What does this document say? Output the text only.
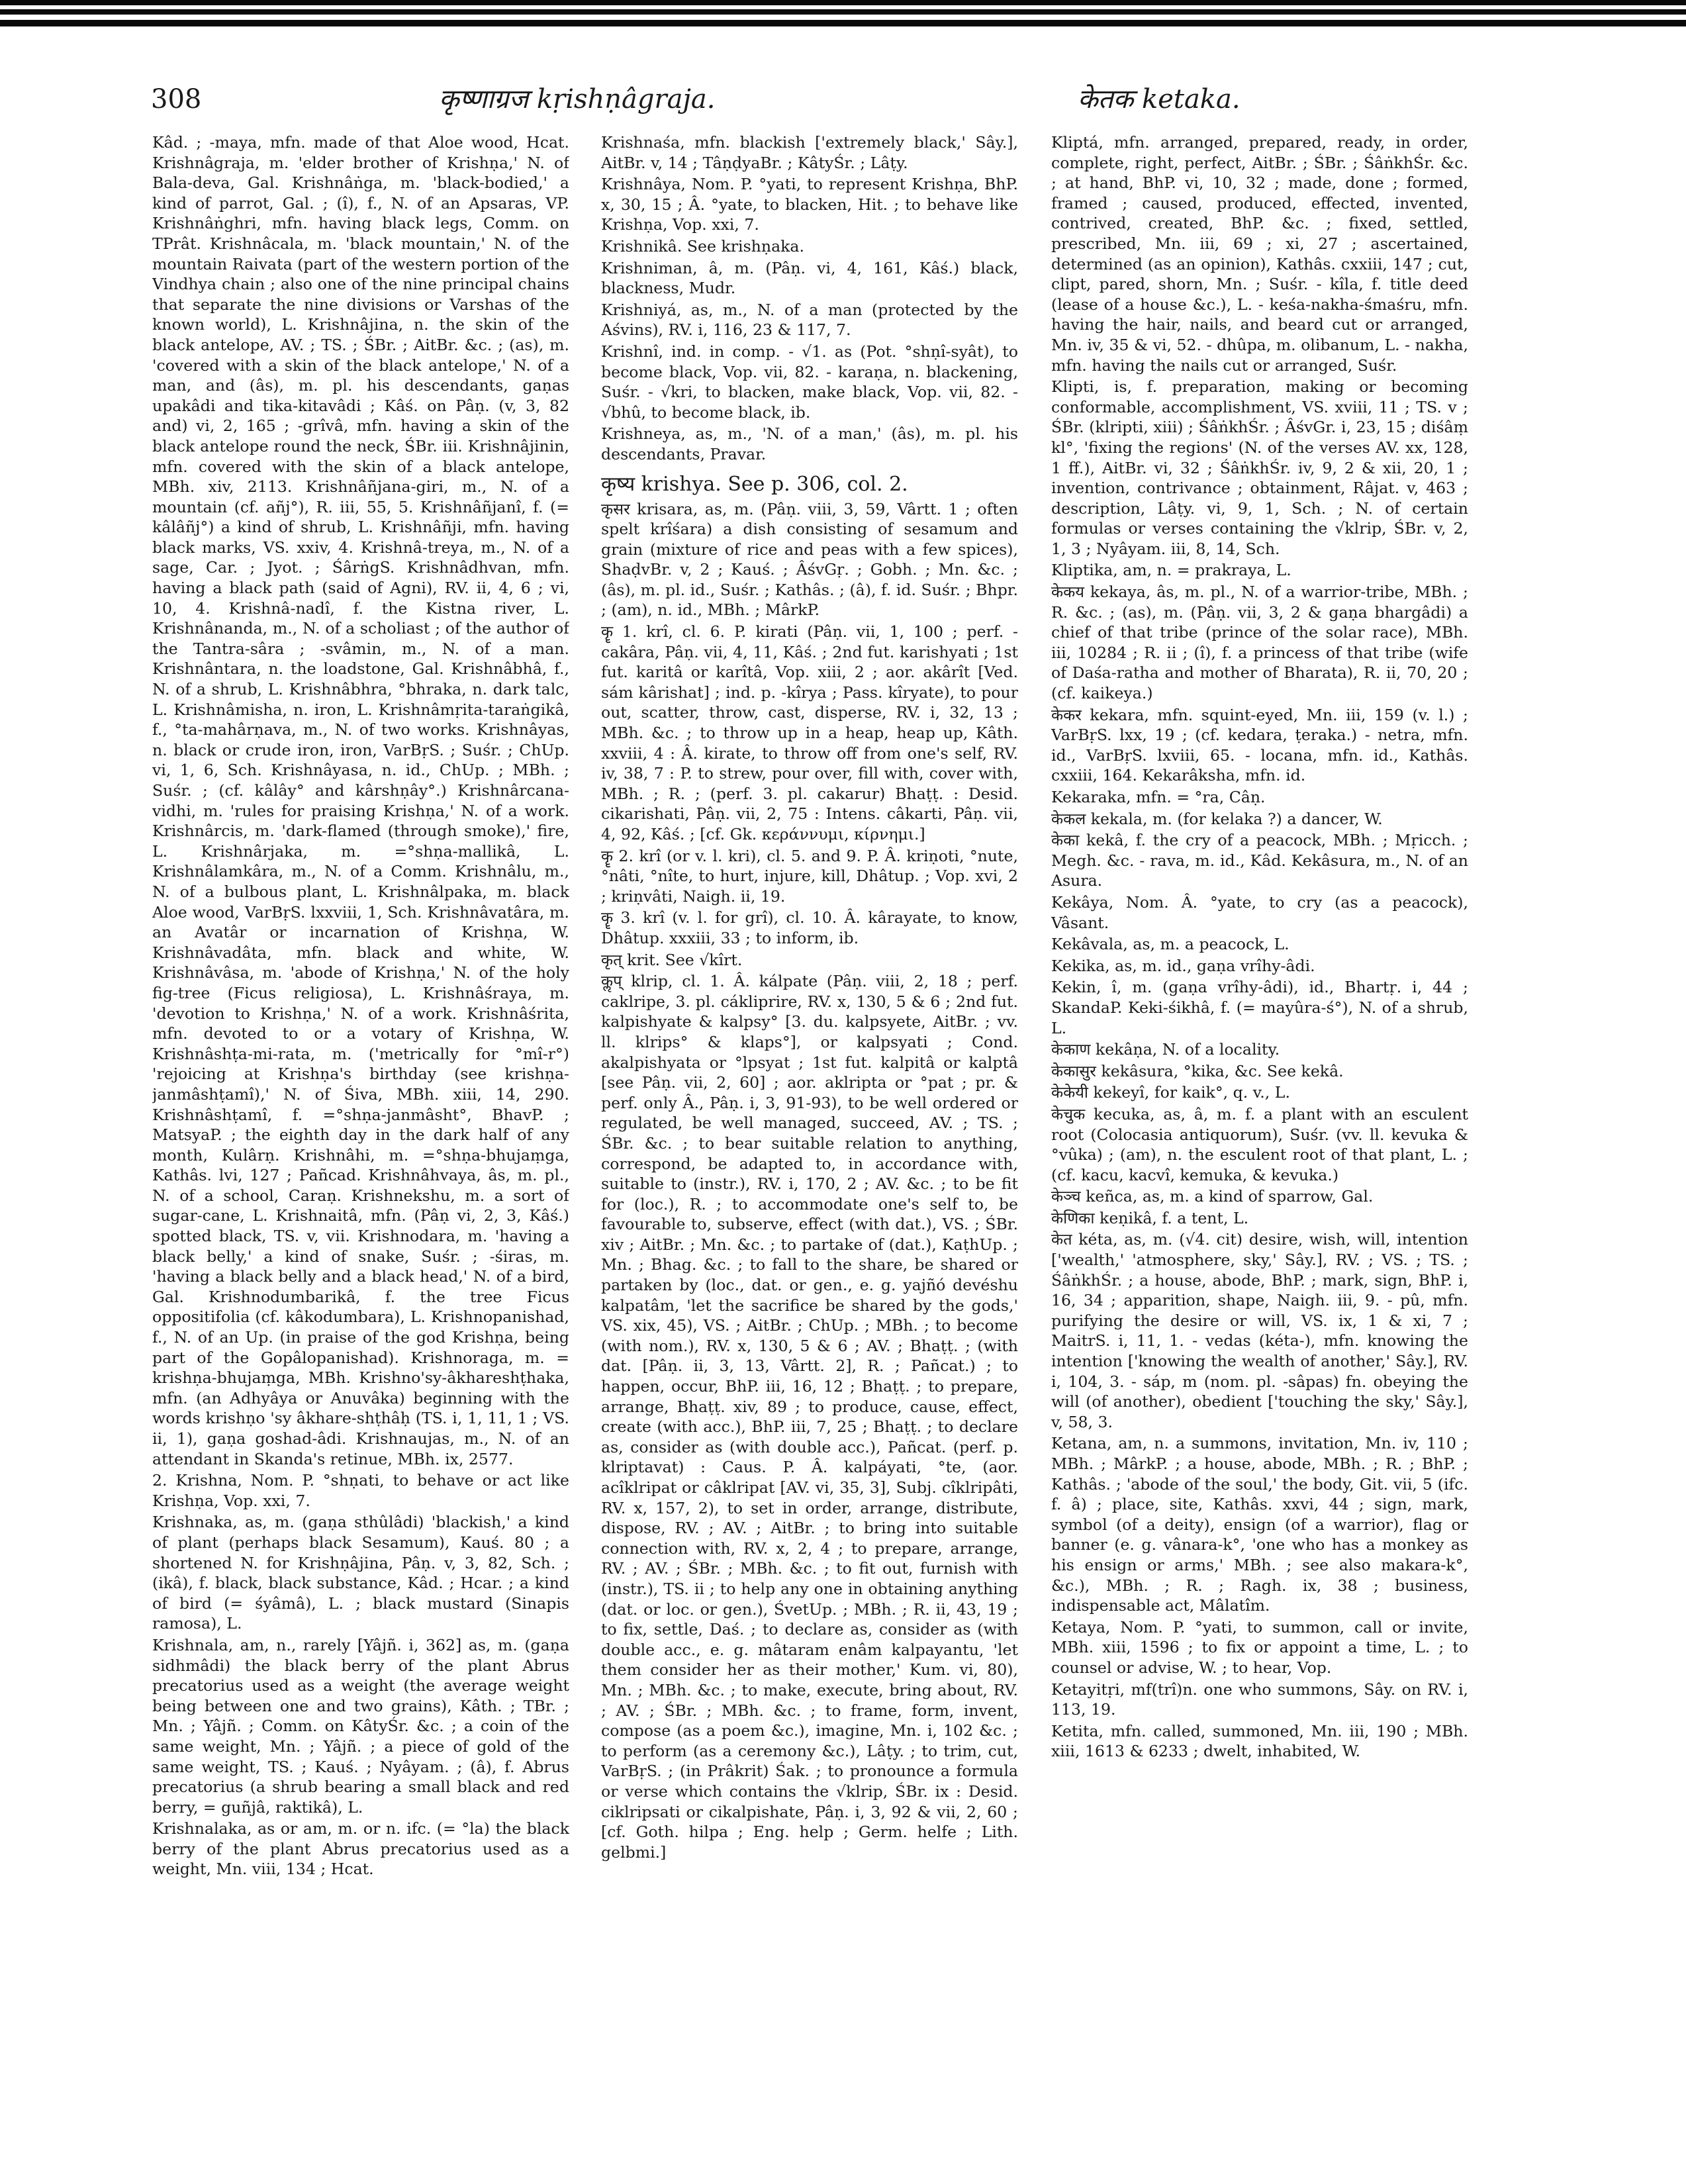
308	कृष्णाग्रज kṛishṇâgraja.	केतक ketaka.

Kâd. ; -maya, mfn. made of that Aloe wood, Hcat. Krishnâgraja, m. 'elder brother of Krishṇa,' N. of Bala-deva, Gal. Krishnâṅga, m. 'black-bodied,' a kind of parrot, Gal. ; (î), f., N. of an Apsaras, VP. Krishnâṅghri, mfn. having black legs, Comm. on TPrât. Krishnâcala, m. 'black mountain,' N. of the mountain Raivata (part of the western portion of the Vindhya chain ; also one of the nine principal chains that separate the nine divisions or Varshas of the known world), L. Krishnâjina, n. the skin of the black antelope, AV. ; TS. ; ŚBr. ; AitBr. &c. ; (as), m. 'covered with a skin of the black antelope,' N. of a man, and (âs), m. pl. his descendants, gaṇas upakâdi and tika-kitavâdi ; Kâś. on Pâṇ. (v, 3, 82 and) vi, 2, 165 ; -grîvâ, mfn. having a skin of the black antelope round the neck, ŚBr. iii. Krishnâjinin, mfn. covered with the skin of a black antelope, MBh. xiv, 2113. Krishnâñjana-giri, m., N. of a mountain (cf. añj°), R. iii, 55, 5. Krishnâñjanî, f. (= kâlâñj°) a kind of shrub, L. Krishnâñji, mfn. having black marks, VS. xxiv, 4. Krishnâ-treya, m., N. of a sage, Car. ; Jyot. ; ŚârṅgS. Krishnâdhvan, mfn. having a black path (said of Agni), RV. ii, 4, 6 ; vi, 10, 4. Krishnâ-nadî, f. the Kistna river, L. Krishnânanda, m., N. of a scholiast ; of the author of the Tantra-sâra ; -svâmin, m., N. of a man. Krishnântara, n. the loadstone, Gal. Krishnâbhâ, f., N. of a shrub, L. Krishnâbhra, °bhraka, n. dark talc, L. Krishnâmisha, n. iron, L. Krishnâmṛita-taraṅgikâ, f., °ta-mahârṇava, m., N. of two works. Krishnâyas, n. black or crude iron, iron, VarBṛS. ; Suśr. ; ChUp. vi, 1, 6, Sch. Krishnâyasa, n. id., ChUp. ; MBh. ; Suśr. ; (cf. kâlây° and kârshṇây°.) Krishnârcana-vidhi, m. 'rules for praising Krishṇa,' N. of a work. Krishnârcis, m. 'dark-flamed (through smoke),' fire, L. Krishnârjaka, m. =°shṇa-mallikâ, L. Krishnâlamkâra, m., N. of a Comm. Krishnâlu, m., N. of a bulbous plant, L. Krishnâlpaka, m. black Aloe wood, VarBṛS. lxxviii, 1, Sch. Krishnâvatâra, m. an Avatâr or incarnation of Krishṇa, W. Krishnâvadâta, mfn. black and white, W. Krishnâvâsa, m. 'abode of Krishṇa,' N. of the holy fig-tree (Ficus religiosa), L. Krishnâśraya, m. 'devotion to Krishṇa,' N. of a work. Krishnâśrita, mfn. devoted to or a votary of Krishṇa, W. Krishnâshṭa-mi-rata, m. ('metrically for °mî-r°) 'rejoicing at Krishṇa's birthday (see krishṇa-janmâshṭamî),' N. of Śiva, MBh. xiii, 14, 290. Krishnâshṭamî, f. =°shṇa-janmâsht°, BhavP. ; MatsyaP. ; the eighth day in the dark half of any month, Kulârṇ. Krishnâhi, m. =°shṇa-bhujaṃga, Kathâs. lvi, 127 ; Pañcad. Krishnâhvaya, âs, m. pl., N. of a school, Caraṇ. Krishnekshu, m. a sort of sugar-cane, L. Krishnaitâ, mfn. (Pâṇ vi, 2, 3, Kâś.) spotted black, TS. v, vii. Krishnodara, m. 'having a black belly,' a kind of snake, Suśr. ; -śiras, m. 'having a black belly and a black head,' N. of a bird, Gal. Krishnodumbarikâ, f. the tree Ficus oppositifolia (cf. kâkodumbara), L. Krishnopanishad, f., N. of an Up. (in praise of the god Krishṇa, being part of the Gopâlopanishad). Krishnoraga, m. = krishṇa-bhujaṃga, MBh. Krishno'sy-âkhareshṭhaka, mfn. (an Adhyâya or Anuvâka) beginning with the words krishṇo 'sy âkhare-shṭhâḥ (TS. i, 1, 11, 1 ; VS. ii, 1), gaṇa goshad-âdi. Krishnaujas, m., N. of an attendant in Skanda's retinue, MBh. ix, 2577.

2. Krishna, Nom. P. °shṇati, to behave or act like Krishṇa, Vop. xxi, 7.

Krishnaka, as, m. (gaṇa sthûlâdi) 'blackish,' a kind of plant (perhaps black Sesamum), Kauś. 80 ; a shortened N. for Krishṇâjina, Pâṇ. v, 3, 82, Sch. ; (ikâ), f. black, black substance, Kâd. ; Hcar. ; a kind of bird (= śyâmâ), L. ; black mustard (Sinapis ramosa), L.

Krishnala, am, n., rarely [Yâjñ. i, 362] as, m. (gaṇa sidhmâdi) the black berry of the plant Abrus precatorius used as a weight (the average weight being between one and two grains), Kâth. ; TBr. ; Mn. ; Yâjñ. ; Comm. on KâtyŚr. &c. ; a coin of the same weight, Mn. ; Yâjñ. ; a piece of gold of the same weight, TS. ; Kauś. ; Nyâyam. ; (â), f. Abrus precatorius (a shrub bearing a small black and red berry, = guñjâ, raktikâ), L.

Krishnalaka, as or am, m. or n. ifc. (= °la) the black berry of the plant Abrus precatorius used as a weight, Mn. viii, 134 ; Hcat.

Krishnaśa, mfn. blackish ['extremely black,' Sây.], AitBr. v, 14 ; TâṇḍyaBr. ; KâtyŚr. ; Lâṭy.

Krishnâya, Nom. P. °yati, to represent Krishṇa, BhP. x, 30, 15 ; Â. °yate, to blacken, Hit. ; to behave like Krishṇa, Vop. xxi, 7.

Krishnikâ. See krishṇaka.

Krishniman, â, m. (Pâṇ. vi, 4, 161, Kâś.) black, blackness, Mudr.

Krishniyá, as, m., N. of a man (protected by the Aśvins), RV. i, 116, 23 & 117, 7.

Krishnî, ind. in comp. - √1. as (Pot. °shṇî-syât), to become black, Vop. vii, 82. - karaṇa, n. blackening, Suśr. - √kri, to blacken, make black, Vop. vii, 82. - √bhû, to become black, ib.

Krishneya, as, m., 'N. of a man,' (âs), m. pl. his descendants, Pravar.

कृष्य krishya. See p. 306, col. 2.

कृसर krisara, as, m. (Pâṇ. viii, 3, 59, Vârtt. 1 ; often spelt krîśara) a dish consisting of sesamum and grain (mixture of rice and peas with a few spices), ShaḍvBr. v, 2 ; Kauś. ; ÂśvGṛ. ; Gobh. ; Mn. &c. ; (âs), m. pl. id., Suśr. ; Kathâs. ; (â), f. id. Suśr. ; Bhpr. ; (am), n. id., MBh. ; MârkP.

कॄ 1. krî, cl. 6. P. kirati (Pâṇ. vii, 1, 100 ; perf. -cakâra, Pâṇ. vii, 4, 11, Kâś. ; 2nd fut. karishyati ; 1st fut. karitâ or karîtâ, Vop. xiii, 2 ; aor. akârît [Ved. sám kârishat] ; ind. p. -kîrya ; Pass. kîryate), to pour out, scatter, throw, cast, disperse, RV. i, 32, 13 ; MBh. &c. ; to throw up in a heap, heap up, Kâth. xxviii, 4 : Â. kirate, to throw off from one's self, RV. iv, 38, 7 : P. to strew, pour over, fill with, cover with, MBh. ; R. ; (perf. 3. pl. cakarur) Bhaṭṭ. : Desid. cikarishati, Pâṇ. vii, 2, 75 : Intens. câkarti, Pâṇ. vii, 4, 92, Kâś. ; [cf. Gk. κεράννυμι, κίρνημι.]

कॄ 2. krî (or v. l. kri), cl. 5. and 9. P. Â. kriṇoti, °nute, °nâti, °nîte, to hurt, injure, kill, Dhâtup. ; Vop. xvi, 2 ; kriṇvâti, Naigh. ii, 19.

कॄ 3. krî (v. l. for grî), cl. 10. Â. kârayate, to know, Dhâtup. xxxiii, 33 ; to inform, ib.

कृत् krit. See √kîrt.

कॢप् klrip, cl. 1. Â. kálpate (Pâṇ. viii, 2, 18 ; perf. caklripe, 3. pl. cákliprire, RV. x, 130, 5 & 6 ; 2nd fut. kalpishyate & kalpsy° [3. du. kalpsyete, AitBr. ; vv. ll. klrips° & klaps°], or kalpsyati ; Cond. akalpishyata or °lpsyat ; 1st fut. kalpitâ or kalptâ [see Pâṇ. vii, 2, 60] ; aor. aklripta or °pat ; pr. & perf. only Â., Pâṇ. i, 3, 91-93), to be well ordered or regulated, be well managed, succeed, AV. ; TS. ; ŚBr. &c. ; to bear suitable relation to anything, correspond, be adapted to, in accordance with, suitable to (instr.), RV. i, 170, 2 ; AV. &c. ; to be fit for (loc.), R. ; to accommodate one's self to, be favourable to, subserve, effect (with dat.), VS. ; ŚBr. xiv ; AitBr. ; Mn. &c. ; to partake of (dat.), KaṭhUp. ; Mn. ; Bhag. &c. ; to fall to the share, be shared or partaken by (loc., dat. or gen., e. g. yajñó devéshu kalpatâm, 'let the sacrifice be shared by the gods,' VS. xix, 45), VS. ; AitBr. ; ChUp. ; MBh. ; to become (with nom.), RV. x, 130, 5 & 6 ; AV. ; Bhaṭṭ. ; (with dat. [Pâṇ. ii, 3, 13, Vârtt. 2], R. ; Pañcat.) ; to happen, occur, BhP. iii, 16, 12 ; Bhaṭṭ. ; to prepare, arrange, Bhaṭṭ. xiv, 89 ; to produce, cause, effect, create (with acc.), BhP. iii, 7, 25 ; Bhaṭṭ. ; to declare as, consider as (with double acc.), Pañcat. (perf. p. klriptavat) : Caus. P. Â. kalpáyati, °te, (aor. acîklripat or câklripat [AV. vi, 35, 3], Subj. cîklripâti, RV. x, 157, 2), to set in order, arrange, distribute, dispose, RV. ; AV. ; AitBr. ; to bring into suitable connection with, RV. x, 2, 4 ; to prepare, arrange, RV. ; AV. ; ŚBr. ; MBh. &c. ; to fit out, furnish with (instr.), TS. ii ; to help any one in obtaining anything (dat. or loc. or gen.), ŚvetUp. ; MBh. ; R. ii, 43, 19 ; to fix, settle, Daś. ; to declare as, consider as (with double acc., e. g. mâtaram enâm kalpayantu, 'let them consider her as their mother,' Kum. vi, 80), Mn. ; MBh. &c. ; to make, execute, bring about, RV. ; AV. ; ŚBr. ; MBh. &c. ; to frame, form, invent, compose (as a poem &c.), imagine, Mn. i, 102 &c. ; to perform (as a ceremony &c.), Lâṭy. ; to trim, cut, VarBṛS. ; (in Prâkrit) Śak. ; to pronounce a formula or verse which contains the √klrip, ŚBr. ix : Desid. ciklripsati or cikalpishate, Pâṇ. i, 3, 92 & vii, 2, 60 ; [cf. Goth. hilpa ; Eng. help ; Germ. helfe ; Lith. gelbmi.]

Kliptá, mfn. arranged, prepared, ready, in order, complete, right, perfect, AitBr. ; ŚBr. ; ŚâṅkhŚr. &c. ; at hand, BhP. vi, 10, 32 ; made, done ; formed, framed ; caused, produced, effected, invented, contrived, created, BhP. &c. ; fixed, settled, prescribed, Mn. iii, 69 ; xi, 27 ; ascertained, determined (as an opinion), Kathâs. cxxiii, 147 ; cut, clipt, pared, shorn, Mn. ; Suśr. - kîla, f. title deed (lease of a house &c.), L. - keśa-nakha-śmaśru, mfn. having the hair, nails, and beard cut or arranged, Mn. iv, 35 & vi, 52. - dhûpa, m. olibanum, L. - nakha, mfn. having the nails cut or arranged, Suśr.

Klipti, is, f. preparation, making or becoming conformable, accomplishment, VS. xviii, 11 ; TS. v ; ŚBr. (klripti, xiii) ; ŚâṅkhŚr. ; ÂśvGr. i, 23, 15 ; diśâṃ kl°, 'fixing the regions' (N. of the verses AV. xx, 128, 1 ff.), AitBr. vi, 32 ; ŚâṅkhŚr. iv, 9, 2 & xii, 20, 1 ; invention, contrivance ; obtainment, Râjat. v, 463 ; description, Lâṭy. vi, 9, 1, Sch. ; N. of certain formulas or verses containing the √klrip, ŚBr. v, 2, 1, 3 ; Nyâyam. iii, 8, 14, Sch.

Kliptika, am, n. = prakraya, L.

केकय kekaya, âs, m. pl., N. of a warrior-tribe, MBh. ; R. &c. ; (as), m. (Pâṇ. vii, 3, 2 & gaṇa bhargâdi) a chief of that tribe (prince of the solar race), MBh. iii, 10284 ; R. ii ; (î), f. a princess of that tribe (wife of Daśa-ratha and mother of Bharata), R. ii, 70, 20 ; (cf. kaikeya.)

केकर kekara, mfn. squint-eyed, Mn. iii, 159 (v. l.) ; VarBṛS. lxx, 19 ; (cf. kedara, ṭeraka.) - netra, mfn. id., VarBṛS. lxviii, 65. - locana, mfn. id., Kathâs. cxxiii, 164. Kekarâksha, mfn. id.

Kekaraka, mfn. = °ra, Câṇ.

केकल kekala, m. (for kelaka ?) a dancer, W.

केका kekâ, f. the cry of a peacock, MBh. ; Mṛicch. ; Megh. &c. - rava, m. id., Kâd. Kekâsura, m., N. of an Asura.

Kekâya, Nom. Â. °yate, to cry (as a peacock), Vâsant.

Kekâvala, as, m. a peacock, L.

Kekika, as, m. id., gaṇa vrîhy-âdi.

Kekin, î, m. (gaṇa vrîhy-âdi), id., Bhartṛ. i, 44 ; SkandaP. Keki-śikhâ, f. (= mayûra-ś°), N. of a shrub, L.

केकाण kekâṇa, N. of a locality.

केकासुर kekâsura, °kika, &c. See kekâ.

केकेयी kekeyî, for kaik°, q. v., L.

केचुक kecuka, as, â, m. f. a plant with an esculent root (Colocasia antiquorum), Suśr. (vv. ll. kevuka & °vûka) ; (am), n. the esculent root of that plant, L. ; (cf. kacu, kacvî, kemuka, & kevuka.)

केञ्च keñca, as, m. a kind of sparrow, Gal.

केणिका keṇikâ, f. a tent, L.

केत kéta, as, m. (√4. cit) desire, wish, will, intention ['wealth,' 'atmosphere, sky,' Sây.], RV. ; VS. ; TS. ; ŚâṅkhŚr. ; a house, abode, BhP. ; mark, sign, BhP. i, 16, 34 ; apparition, shape, Naigh. iii, 9. - pû, mfn. purifying the desire or will, VS. ix, 1 & xi, 7 ; MaitrS. i, 11, 1. - vedas (kéta-), mfn. knowing the intention ['knowing the wealth of another,' Sây.], RV. i, 104, 3. - sáp, m (nom. pl. -sâpas) fn. obeying the will (of another), obedient ['touching the sky,' Sây.], v, 58, 3.

Ketana, am, n. a summons, invitation, Mn. iv, 110 ; MBh. ; MârkP. ; a house, abode, MBh. ; R. ; BhP. ; Kathâs. ; 'abode of the soul,' the body, Git. vii, 5 (ifc. f. â) ; place, site, Kathâs. xxvi, 44 ; sign, mark, symbol (of a deity), ensign (of a warrior), flag or banner (e. g. vânara-k°, 'one who has a monkey as his ensign or arms,' MBh. ; see also makara-k°, &c.), MBh. ; R. ; Ragh. ix, 38 ; business, indispensable act, Mâlatîm.

Ketaya, Nom. P. °yati, to summon, call or invite, MBh. xiii, 1596 ; to fix or appoint a time, L. ; to counsel or advise, W. ; to hear, Vop.

Ketayitṛi, mf(trî)n. one who summons, Sây. on RV. i, 113, 19.

Ketita, mfn. called, summoned, Mn. iii, 190 ; MBh. xiii, 1613 & 6233 ; dwelt, inhabited, W.
